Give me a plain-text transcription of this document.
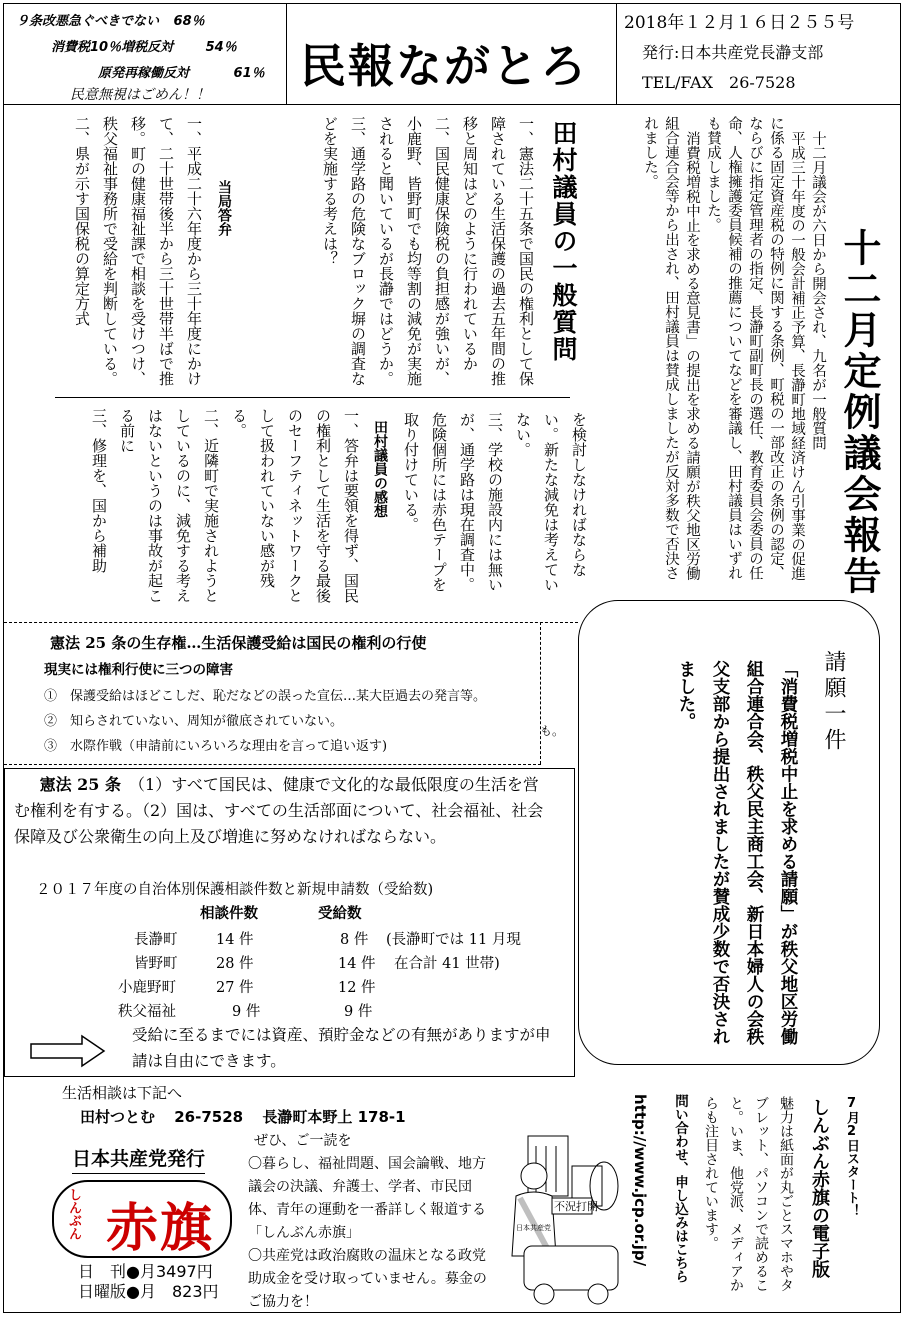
９条改悪急ぐべきでない 68％
消費税10％増税反対	54％
原発再稼働反対	61％
民意無視はごめん！！
民報ながとろ
2018年１２月１６日２５５号
発行:日本共産党長瀞支部
TEL/FAX　26-7528
十二月定例議会報告

十二月議会が六日から開会され、九名が一般質問

平成三十年度の一般会計補正予算、長瀞町地域経済けん引事業の促進に係る固定資産税の特例に関する条例、町税の一部改正の条例の認定、ならびに指定管理者の指定、長瀞町副町長の選任、教育委員会委員の任命、人権擁護委員候補の推薦についてなどを審議し、田村議員はいずれも賛成しました。

消費税増税中止を求める意見書」の提出を求める請願が秩父地区労働組合連合会等から出され、田村議員は賛成しましたが反対多数で否決されました。

田村議員の一般質問

一、憲法二十五条で国民の権利として保障されている生活保護の過去五年間の推移と周知はどのように行われているか

二、国民健康保険税の負担感が強いが、小鹿野、皆野町でも均等割の減免が実施されると聞いているが長瀞ではどうか。

三、通学路の危険なブロック塀の調査などを実施する考えは？

当局答弁

一、平成二十六年度から三十年度にかけて、二十世帯後半から三十世帯半ばで推移。町の健康福祉課で相談を受けつけ、秩父福祉事務所で受給を判断している。

二、県が示す国保税の算定方式

を検討しなければならない。新たな減免は考えていない。

三、学校の施設内には無いが、通学路は現在調査中。危険個所には赤色テープを取り付けている。

田村議員の感想

一、答弁は要領を得ず、国民の権利として生活を守る最後のセーフティネットワークとして扱われていない感が残る。

二、近隣町で実施されようとしているのに、減免する考えはないというのは事故が起こる前に

三、修理を、国から補助

も。	請願一件

「消費税増税中止を求める請願」が秩父地区労働組合連合会、秩父民主商工会、新日本婦人の会秩父支部から提出されましたが賛成少数で否決されました。

憲法 25 条の生存権…生活保護受給は国民の権利の行使
現実には権利行使に三つの障害
①　 保護受給はほどこしだ、恥だなどの誤った宣伝…某大臣過去の発言等。
②　 知らされていない、周知が徹底されていない。
③　 水際作戦（申請前にいろいろな理由を言って追い返す)
憲法 25 条　（1）すべて国民は、健康で文化的な最低限度の生活を営む権利を有する。（2）国は、すべての生活部面について、社会福祉、社会保障及び公衆衛生の向上及び増進に努めなければならない。
２０１７年度の自治体別保護相談件数と新規申請数（受給数)
相談件数	受給数
長瀞町	14 件	8 件 (長瀞町では 11 月現
皆野町	28 件	14 件 在合計 41 世帯)
小鹿野町	27 件	12 件
秩父福祉	9 件	9 件
受給に至るまでには資産、預貯金などの有無がありますが申請は自由にできます。
生活相談は下記へ
田村つとむ 26-7528 長瀞町本野上 178-1
日本共産党発行
しんぶん 赤旗
日　刊●月3497円
日曜版●月 823円
ぜひ、ご一読を
〇暮らし、福祉問題、国会論戦、地方議会の決議、弁護士、学者、市民団体、青年の運動を一番詳しく報道する「しんぶん赤旗」
〇共産党は政治腐敗の温床となる政党助成金を受け取っていません。募金のご協力を！
不況打開
日本共産党
7月2日スタート！
しんぶん赤旗の電子版
魅力は紙面が丸ごとスマホやタブレット、パソコンで読めること。いま、他党派、メディアからも注目されています。
問い合わせ、申し込みはこちら
http://www.jcp.or.jp/
